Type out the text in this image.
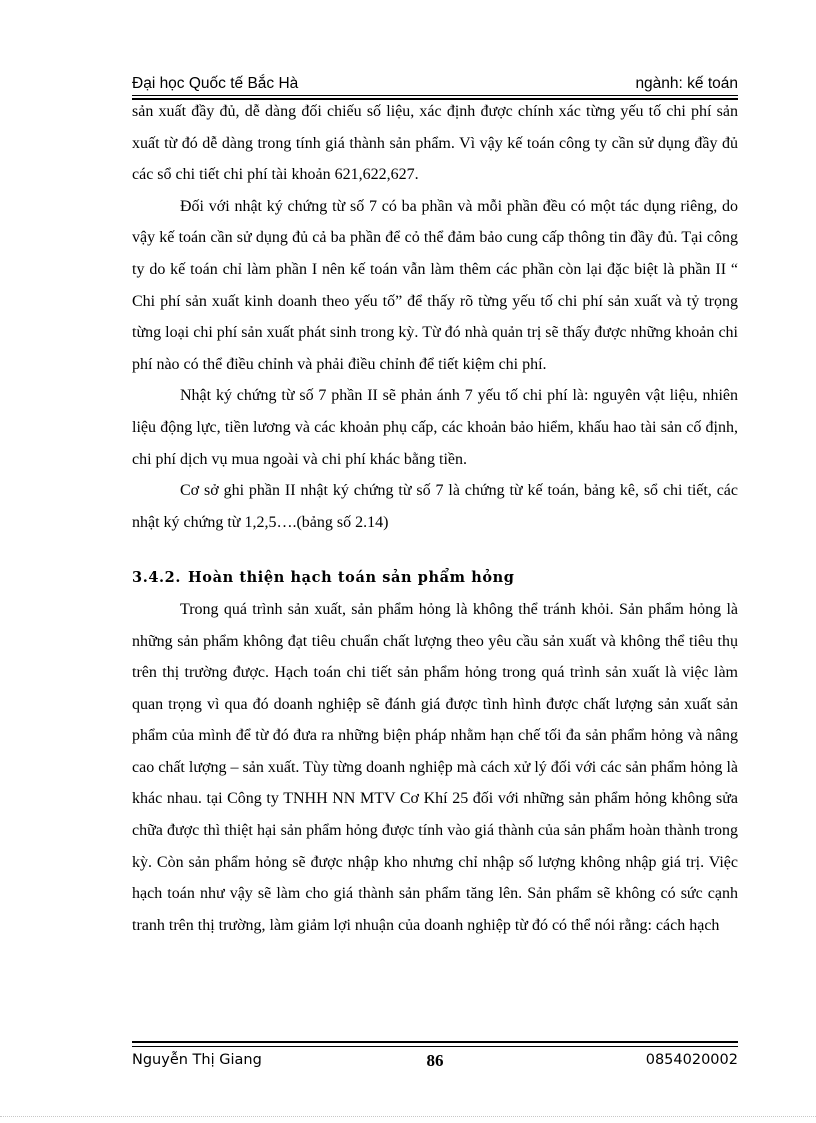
Đại học Quốc tế Bắc Hà	ngành: kế toán

sản xuất đầy đủ, dễ dàng đối chiếu số liệu, xác định được chính xác từng yếu tố chi phí sản xuất từ đó dễ dàng trong tính giá thành sản phẩm. Vì vậy kế toán công ty cần sử dụng đầy đủ các sổ chi tiết chi phí tài khoản 621,622,627.

Đối với nhật ký chứng từ số 7 có ba phần và mỗi phần đều có một tác dụng riêng, do vậy kế toán cần sử dụng đủ cả ba phần để cỏ thể đảm bảo cung cấp thông tin đầy đủ. Tại công ty do kế toán chỉ làm phần I nên kế toán vẫn làm thêm các phần còn lại đặc biệt là phần II “ Chi phí sản xuất kinh doanh theo yếu tố” để thấy rõ từng yếu tố chi phí sản xuất và tỷ trọng từng loại chi phí sản xuất phát sinh trong kỳ. Từ đó nhà quản trị sẽ thấy được những khoản chi phí nào có thể điều chỉnh và phải điều chỉnh để tiết kiệm chi phí.

Nhật ký chứng từ số 7 phần II sẽ phản ánh 7 yếu tố chi phí là: nguyên vật liệu, nhiên liệu động lực, tiền lương và các khoản phụ cấp, các khoản bảo hiểm, khấu hao tài sản cố định, chi phí dịch vụ mua ngoài và chi phí khác bằng tiền.

Cơ sở ghi phần II nhật ký chứng từ số 7 là chứng từ kế toán, bảng kê, sổ chi tiết, các nhật ký chứng từ 1,2,5….(bảng số 2.14)

3.4.2. Hoàn thiện hạch toán sản phẩm hỏng

Trong quá trình sản xuất, sản phẩm hỏng là không thể tránh khỏi. Sản phẩm hỏng là những sản phẩm không đạt tiêu chuẩn chất lượng theo yêu cầu sản xuất và không thể tiêu thụ trên thị trường được. Hạch toán chi tiết sản phẩm hỏng trong quá trình sản xuất là việc làm quan trọng vì qua đó doanh nghiệp sẽ đánh giá được tình hình được chất lượng sản xuất sản phẩm của mình để từ đó đưa ra những biện pháp nhằm hạn chế tối đa sản phẩm hỏng và nâng cao chất lượng – sản xuất. Tùy từng doanh nghiệp mà cách xử lý đối với các sản phẩm hỏng là khác nhau. tại Công ty TNHH NN MTV Cơ Khí 25 đối với những sản phẩm hỏng không sửa chữa được thì thiệt hại sản phẩm hỏng được tính vào giá thành của sản phẩm hoàn thành trong kỳ. Còn sản phẩm hỏng sẽ được nhập kho nhưng chỉ nhập số lượng không nhập giá trị. Việc hạch toán như vậy sẽ làm cho giá thành sản phẩm tăng lên. Sản phẩm sẽ không có sức cạnh tranh trên thị trường, làm giảm lợi nhuận của doanh nghiệp từ đó có thể nói rằng: cách hạch

Nguyễn Thị Giang	86	0854020002
